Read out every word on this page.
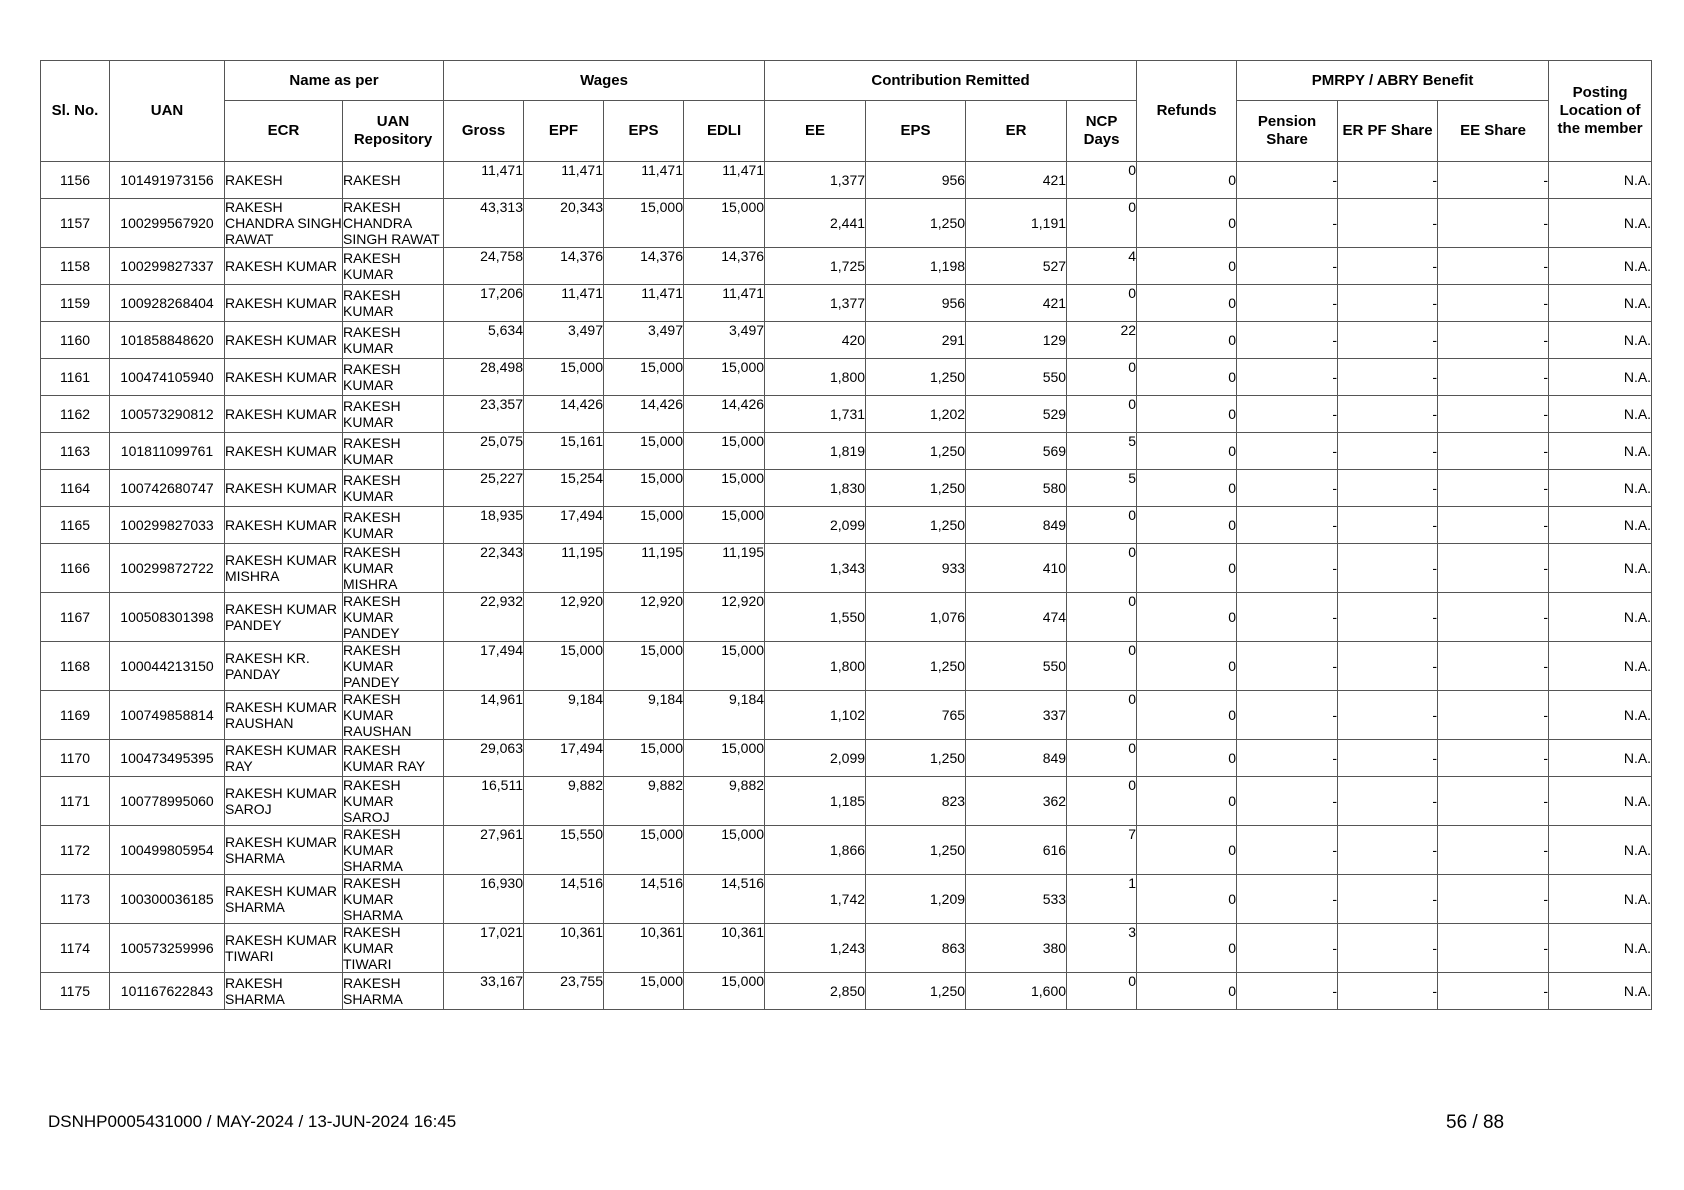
Sl. No.	UAN	Name as per		Wages				Contribution Remitted				Refunds	PMRPY / ABRY Benefit			Posting Location of the member
		ECR	UAN Repository	Gross	EPF	EPS	EDLI	EE	EPS	ER	NCP Days		Pension Share	ER PF Share	EE Share	
1156	101491973156	RAKESH	RAKESH	11,471	11,471	11,471	11,471	1,377	956	421	0	0	-	-	-	N.A.
1157	100299567920	RAKESH CHANDRA SINGH RAWAT	RAKESH CHANDRA SINGH RAWAT	43,313	20,343	15,000	15,000	2,441	1,250	1,191	0	0	-	-	-	N.A.
1158	100299827337	RAKESH KUMAR	RAKESH KUMAR	24,758	14,376	14,376	14,376	1,725	1,198	527	4	0	-	-	-	N.A.
1159	100928268404	RAKESH KUMAR	RAKESH KUMAR	17,206	11,471	11,471	11,471	1,377	956	421	0	0	-	-	-	N.A.
1160	101858848620	RAKESH KUMAR	RAKESH KUMAR	5,634	3,497	3,497	3,497	420	291	129	22	0	-	-	-	N.A.
1161	100474105940	RAKESH KUMAR	RAKESH KUMAR	28,498	15,000	15,000	15,000	1,800	1,250	550	0	0	-	-	-	N.A.
1162	100573290812	RAKESH KUMAR	RAKESH KUMAR	23,357	14,426	14,426	14,426	1,731	1,202	529	0	0	-	-	-	N.A.
1163	101811099761	RAKESH KUMAR	RAKESH KUMAR	25,075	15,161	15,000	15,000	1,819	1,250	569	5	0	-	-	-	N.A.
1164	100742680747	RAKESH KUMAR	RAKESH KUMAR	25,227	15,254	15,000	15,000	1,830	1,250	580	5	0	-	-	-	N.A.
1165	100299827033	RAKESH KUMAR	RAKESH KUMAR	18,935	17,494	15,000	15,000	2,099	1,250	849	0	0	-	-	-	N.A.
1166	100299872722	RAKESH KUMAR MISHRA	RAKESH KUMAR MISHRA	22,343	11,195	11,195	11,195	1,343	933	410	0	0	-	-	-	N.A.
1167	100508301398	RAKESH KUMAR PANDEY	RAKESH KUMAR PANDEY	22,932	12,920	12,920	12,920	1,550	1,076	474	0	0	-	-	-	N.A.
1168	100044213150	RAKESH KR. PANDAY	RAKESH KUMAR PANDEY	17,494	15,000	15,000	15,000	1,800	1,250	550	0	0	-	-	-	N.A.
1169	100749858814	RAKESH KUMAR RAUSHAN	RAKESH KUMAR RAUSHAN	14,961	9,184	9,184	9,184	1,102	765	337	0	0	-	-	-	N.A.
1170	100473495395	RAKESH KUMAR RAY	RAKESH KUMAR RAY	29,063	17,494	15,000	15,000	2,099	1,250	849	0	0	-	-	-	N.A.
1171	100778995060	RAKESH KUMAR SAROJ	RAKESH KUMAR SAROJ	16,511	9,882	9,882	9,882	1,185	823	362	0	0	-	-	-	N.A.
1172	100499805954	RAKESH KUMAR SHARMA	RAKESH KUMAR SHARMA	27,961	15,550	15,000	15,000	1,866	1,250	616	7	0	-	-	-	N.A.
1173	100300036185	RAKESH KUMAR SHARMA	RAKESH KUMAR SHARMA	16,930	14,516	14,516	14,516	1,742	1,209	533	1	0	-	-	-	N.A.
1174	100573259996	RAKESH KUMAR TIWARI	RAKESH KUMAR TIWARI	17,021	10,361	10,361	10,361	1,243	863	380	3	0	-	-	-	N.A.
1175	101167622843	RAKESH SHARMA	RAKESH SHARMA	33,167	23,755	15,000	15,000	2,850	1,250	1,600	0	0	-	-	-	N.A.
DSNHP0005431000 / MAY-2024 / 13-JUN-2024 16:45	56 / 88
